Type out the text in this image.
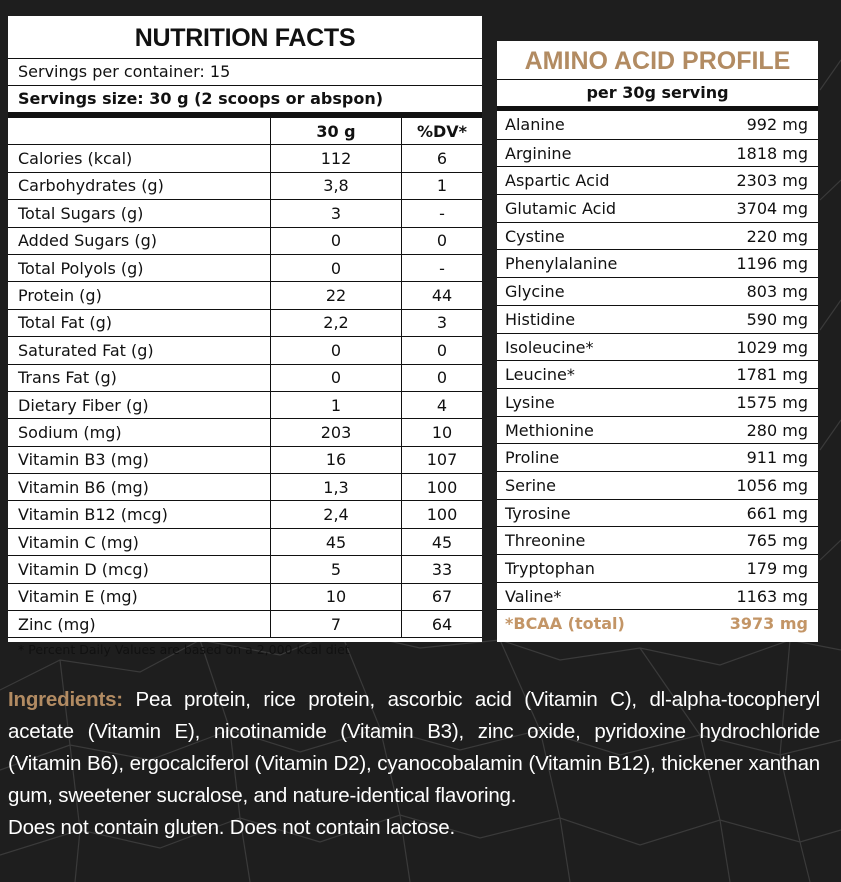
NUTRITION FACTS
Servings per container: 15
Servings size: 30 g (2 scoops or abspon)
	30 g	%DV*
Calories (kcal)	112	6
Carbohydrates (g)	3,8	1
Total Sugars (g)	3	-
Added Sugars (g)	0	0
Total Polyols (g)	0	-
Protein (g)	22	44
Total Fat (g)	2,2	3
Saturated Fat (g)	0	0
Trans Fat (g)	0	0
Dietary Fiber (g)	1	4
Sodium (mg)	203	10
Vitamin B3 (mg)	16	107
Vitamin B6 (mg)	1,3	100
Vitamin B12 (mcg)	2,4	100
Vitamin C (mg)	45	45
Vitamin D (mcg)	5	33
Vitamin E (mg)	10	67
Zinc (mg)	7	64
* Percent Daily Values are based on a 2,000 kcal diet
AMINO ACID PROFILE
per 30g serving
Alanine	992 mg
Arginine	1818 mg
Aspartic Acid	2303 mg
Glutamic Acid	3704 mg
Cystine	220 mg
Phenylalanine	1196 mg
Glycine	803 mg
Histidine	590 mg
Isoleucine*	1029 mg
Leucine*	1781 mg
Lysine	1575 mg
Methionine	280 mg
Proline	911 mg
Serine	1056 mg
Tyrosine	661 mg
Threonine	765 mg
Tryptophan	179 mg
Valine*	1163 mg
*BCAA (total)	3973 mg

Ingredients: Pea protein, rice protein, ascorbic acid (Vitamin C), dl-alpha-tocopheryl acetate (Vitamin E), nicotinamide (Vitamin B3), zinc oxide, pyridoxine hydrochloride (Vitamin B6), ergocalciferol (Vitamin D2), cyanocobalamin (Vitamin B12), thickener xanthan gum, sweetener sucralose, and nature-identical flavoring.

Does not contain gluten. Does not contain lactose.
